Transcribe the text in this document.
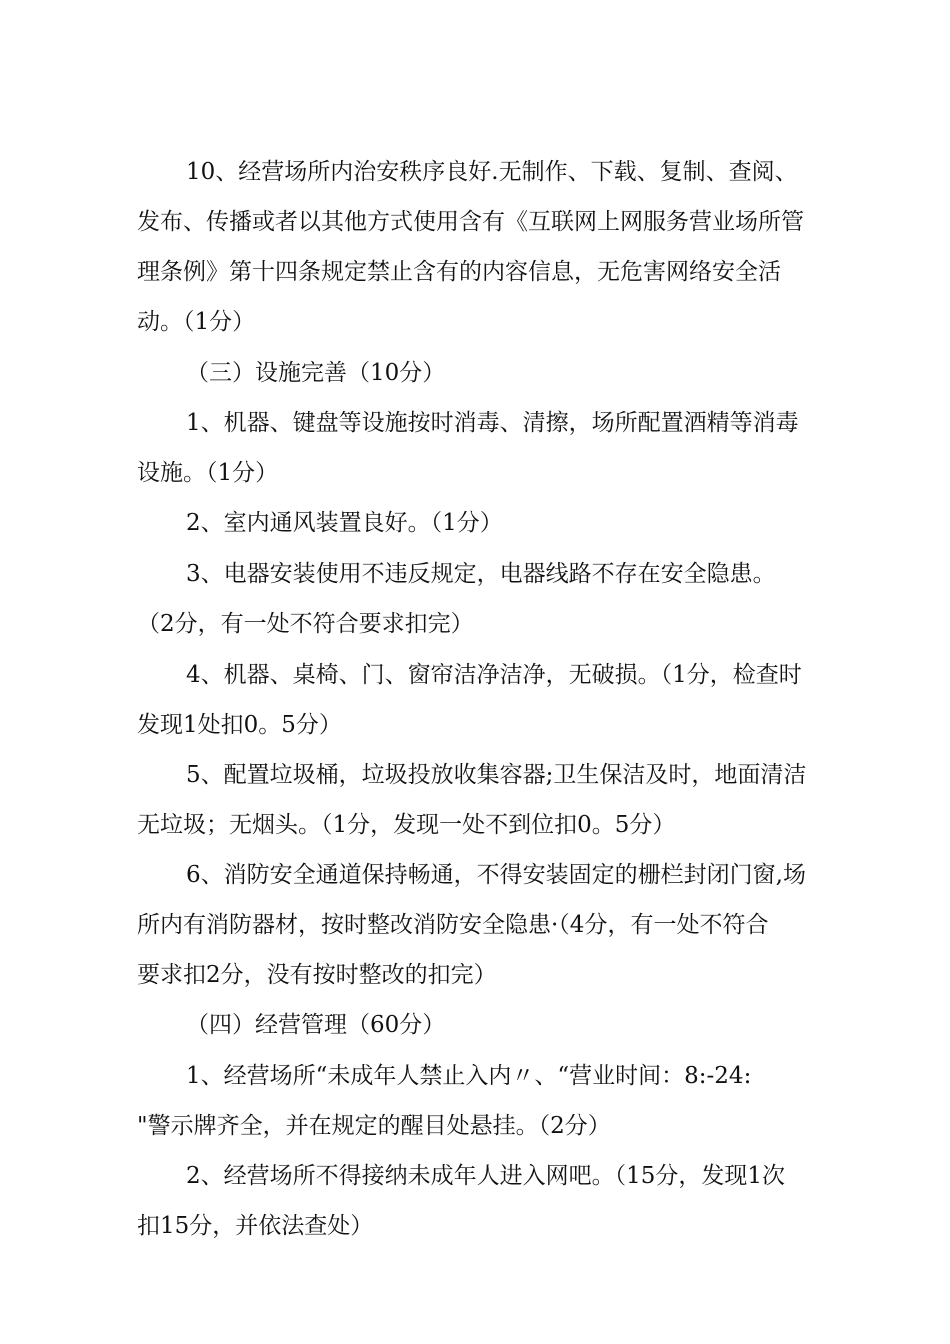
10、经营场所内治安秩序良好.无制作、下载、复制、查阅、
发布、传播或者以其他方式使用含有《互联网上网服务营业场所管
理条例》第十四条规定禁止含有的内容信息，无危害网络安全活
动。（1分）
（三）设施完善（10分）
1、机器、键盘等设施按时消毒、清擦，场所配置酒精等消毒
设施。（1分）
2、室内通风装置良好。（1分）
3、电器安装使用不违反规定，电器线路不存在安全隐患。
（2分，有一处不符合要求扣完）
4、机器、桌椅、门、窗帘洁净洁净，无破损。（1分，检查时
发现1处扣0。5分）
5、配置垃圾桶，垃圾投放收集容器;卫生保洁及时，地面清洁
无垃圾；无烟头。（1分，发现一处不到位扣0。5分）
6、消防安全通道保持畅通，不得安装固定的栅栏封闭门窗,场
所内有消防器材，按时整改消防安全隐患·（4分，有一处不符合
要求扣2分，没有按时整改的扣完）
（四）经营管理（60分）
1、经营场所“未成年人禁止入内〃、“营业时间：8:-24:
"警示牌齐全，并在规定的醒目处悬挂。（2分）
2、经营场所不得接纳未成年人进入网吧。（15分，发现1次
扣15分，并依法查处）
